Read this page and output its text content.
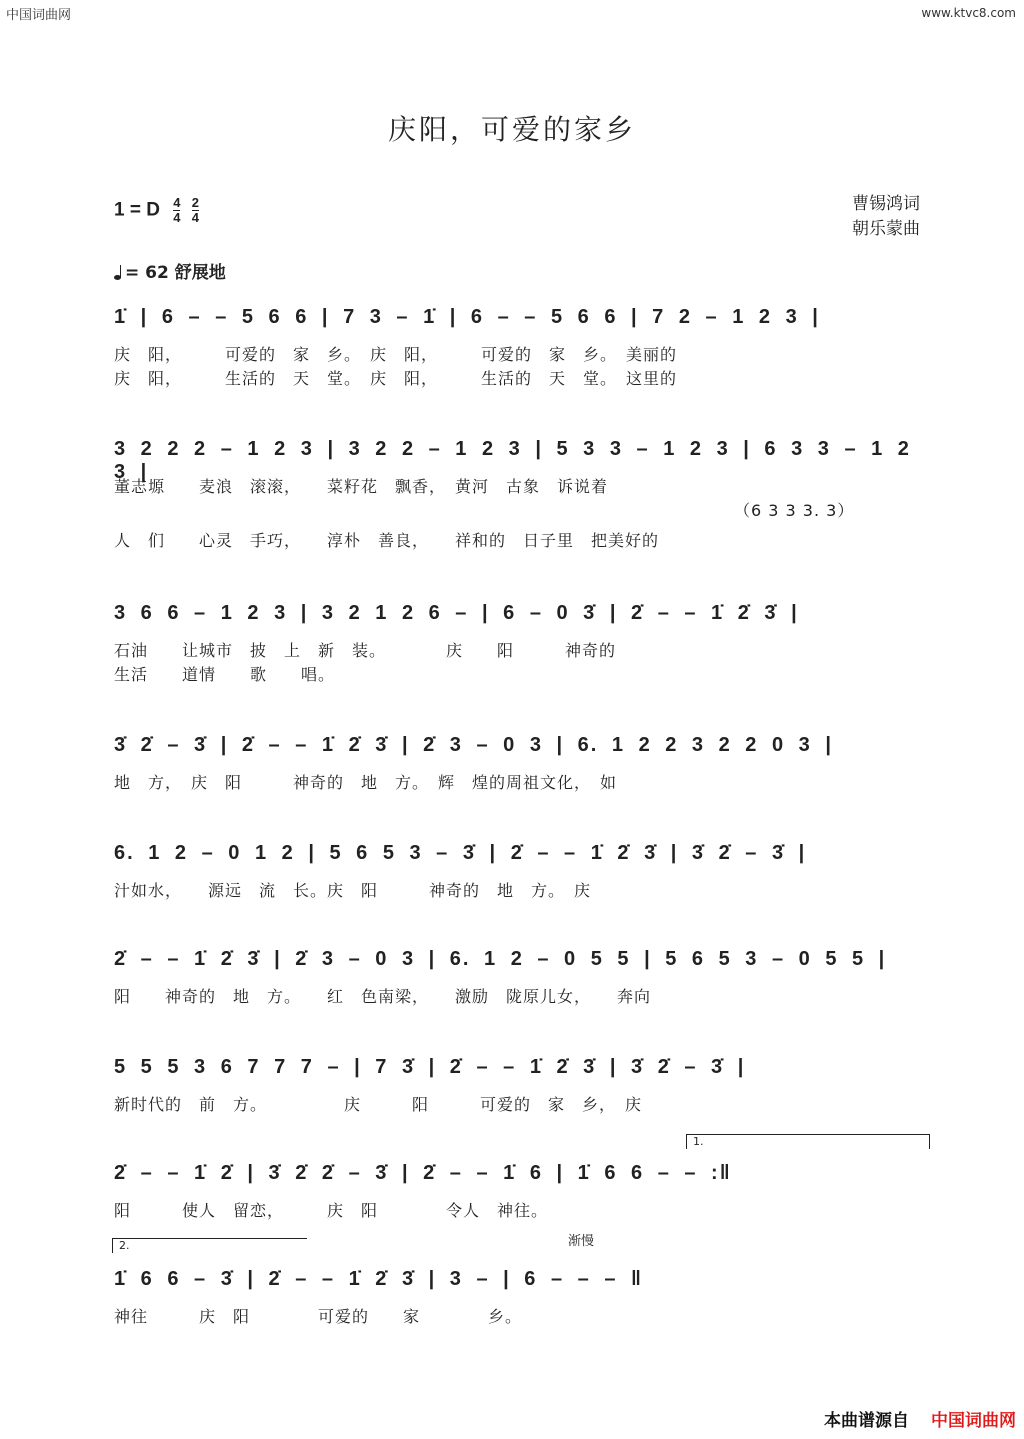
中国词曲网	www.ktvc8.com
庆阳，可爱的家乡
1 = D $\frac{4}{4}$
$\frac{2}{4}$	曹锡鸿词
朝乐蒙曲
= 62 舒展地
1̇ | 6 – – 5 6 6 | 7 3 – 1̇ | 6 – – 5 6 6 | 7 2 – 1 2 3 |
庆　阳，　　　可爱的　家　乡。　庆　阳，　　　可爱的　家　乡。　美丽的
庆　阳，　　　生活的　天　堂。　庆　阳，　　　生活的　天　堂。　这里的
3 2 2 2 – 1 2 3 | 3 2 2 – 1 2 3 | 5 3 3 – 1 2 3 | 6 3 3 – 1 2 3 |
董志塬　　麦浪　滚滚，　　菜籽花　飘香，　黄河　古象　诉说着
（6 3 3 3. 3）
人　们　　心灵　手巧，　　淳朴　善良，　　祥和的　日子里　把美好的
3 6 6 – 1 2 3 | 3 2 1 2 6 – | 6 – 0 3̇ | 2̇ – – 1̇ 2̇ 3̇ |
石油　　让城市　披　上　新　装。　　　　庆　　阳　　　神奇的
生活　　道情　　歌　　唱。
3̇ 2̇ – 3̇ | 2̇ – – 1̇ 2̇ 3̇ | 2̇ 3 – 0 3 | 6. 1 2 2 3 2 2 0 3 |
地　方，　庆　阳　　　神奇的　地　方。　辉　煌的周祖文化，　如
6. 1 2 – 0 1 2 | 5 6 5 3 – 3̇ | 2̇ – – 1̇ 2̇ 3̇ | 3̇ 2̇ – 3̇ |
汁如水，　　源远　流　长。庆　阳　　　神奇的　地　方。　庆
2̇ – – 1̇ 2̇ 3̇ | 2̇ 3 – 0 3 | 6. 1 2 – 0 5 5 | 5 6 5 3 – 0 5 5 |
阳　　神奇的　地　方。　　红　色南梁，　　激励　陇原儿女，　　奔向
5 5 5 3 6 7 7 7 – | 7 3̇ | 2̇ – – 1̇ 2̇ 3̇ | 3̇ 2̇ – 3̇ |
新时代的　前　方。　　　　　庆　　　阳　　　可爱的　家　乡，　庆
1.
2̇ – – 1̇ 2̇ | 3̇ 2̇ 2̇ – 3̇ | 2̇ – – 1̇ 6 | 1̇ 6 6 – – :‖
阳　　　使人　留恋，　　　庆　阳　　　　令人　神往。
2.	渐慢
1̇ 6 6 – 3̇ | 2̇ – – 1̇ 2̇ 3̇ | 3 – | 6 – – – ‖
神往　　　庆　阳　　　　可爱的　　家　　　　乡。
本曲谱源自 中国词曲网
